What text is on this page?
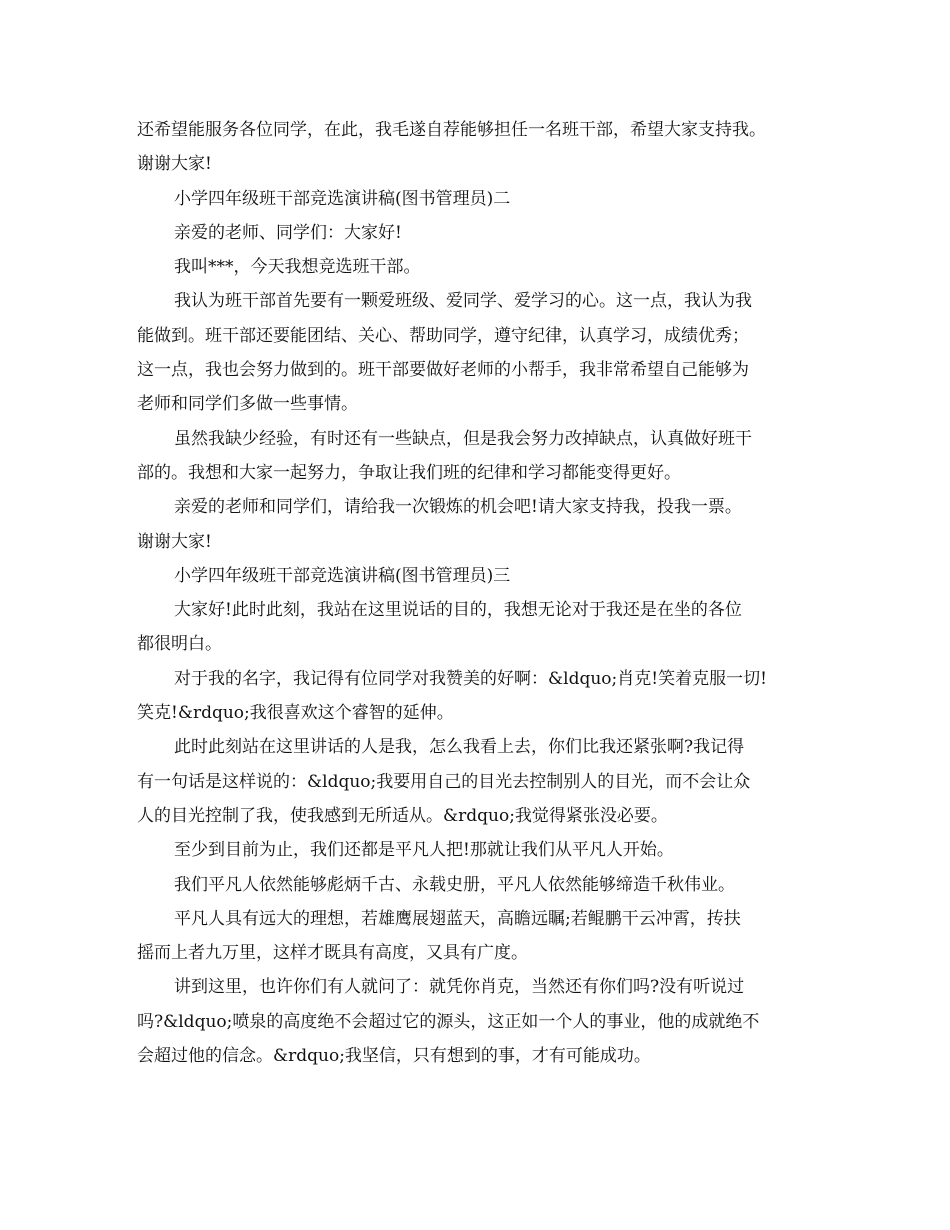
还希望能服务各位同学，在此，我毛遂自荐能够担任一名班干部，希望大家支持我。

谢谢大家!

小学四年级班干部竞选演讲稿(图书管理员)二

亲爱的老师、同学们：大家好!

我叫***，今天我想竞选班干部。

我认为班干部首先要有一颗爱班级、爱同学、爱学习的心。这一点，我认为我

能做到。班干部还要能团结、关心、帮助同学，遵守纪律，认真学习，成绩优秀；

这一点，我也会努力做到的。班干部要做好老师的小帮手，我非常希望自己能够为

老师和同学们多做一些事情。

虽然我缺少经验，有时还有一些缺点，但是我会努力改掉缺点，认真做好班干

部的。我想和大家一起努力，争取让我们班的纪律和学习都能变得更好。

亲爱的老师和同学们，请给我一次锻炼的机会吧!请大家支持我，投我一票。

谢谢大家!

小学四年级班干部竞选演讲稿(图书管理员)三

大家好!此时此刻，我站在这里说话的目的，我想无论对于我还是在坐的各位

都很明白。

对于我的名字，我记得有位同学对我赞美的好啊：&ldquo;肖克!笑着克服一切!

笑克!&rdquo;我很喜欢这个睿智的延伸。

此时此刻站在这里讲话的人是我，怎么我看上去，你们比我还紧张啊?我记得

有一句话是这样说的：&ldquo;我要用自己的目光去控制别人的目光，而不会让众

人的目光控制了我，使我感到无所适从。&rdquo;我觉得紧张没必要。

至少到目前为止，我们还都是平凡人把!那就让我们从平凡人开始。

我们平凡人依然能够彪炳千古、永载史册，平凡人依然能够缔造千秋伟业。

平凡人具有远大的理想，若雄鹰展翅蓝天，高瞻远瞩;若鲲鹏干云冲霄，抟扶

摇而上者九万里，这样才既具有高度，又具有广度。

讲到这里，也许你们有人就问了：就凭你肖克，当然还有你们吗?没有听说过

吗?&ldquo;喷泉的高度绝不会超过它的源头，这正如一个人的事业，他的成就绝不

会超过他的信念。&rdquo;我坚信，只有想到的事，才有可能成功。
